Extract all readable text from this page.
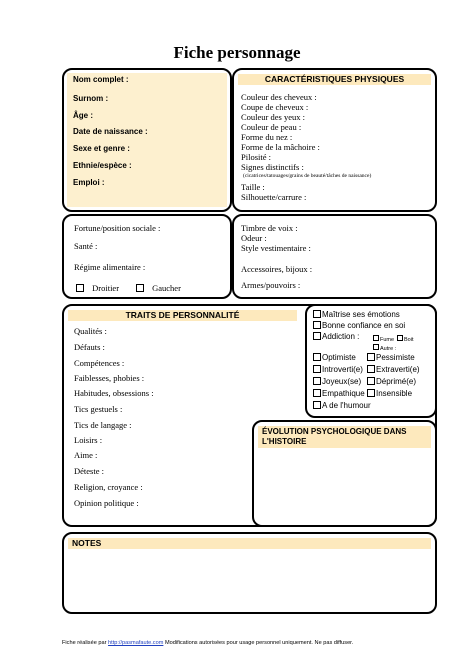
Fiche personnage
Nom complet :
Surnom :
Âge :
Date de naissance :
Sexe et genre :
Ethnie/espèce :
Emploi :
CARACTÉRISTIQUES PHYSIQUES
Couleur des cheveux :
Coupe de cheveux :
Couleur des yeux :
Couleur de peau :
Forme du nez :
Forme de la mâchoire :
Pilosité :
Signes distinctifs :
(cicatrices/tatouages/grains de beauté/tâches de naissance)
Taille :
Silhouette/carrure :
Fortune/position sociale :
Santé :
Régime alimentaire :
Droitier	Gaucher
Timbre de voix :
Odeur :
Style vestimentaire :
Accessoires, bijoux :
Armes/pouvoirs :
TRAITS DE PERSONNALITÉ
Qualités :
Défauts :
Compétences :
Faiblesses, phobies :
Habitudes, obsessions :
Tics gestuels :
Tics de langage :
Loisirs :
Aime :
Déteste :
Religion, croyance :
Opinion politique :
Maîtrise ses émotions
Bonne confiance en soi
Addiction :	Fume	Boit
Autre :
Optimiste	Pessimiste
Introverti(e)	Extraverti(e)
Joyeux(se)	Déprimé(e)
Empathique	Insensible
A de l'humour
ÉVOLUTION PSYCHOLOGIQUE DANS
L'HISTOIRE
NOTES
Fiche réalisée par http://pasmafaute.com Modifications autorisées pour usage personnel uniquement. Ne pas diffuser.
